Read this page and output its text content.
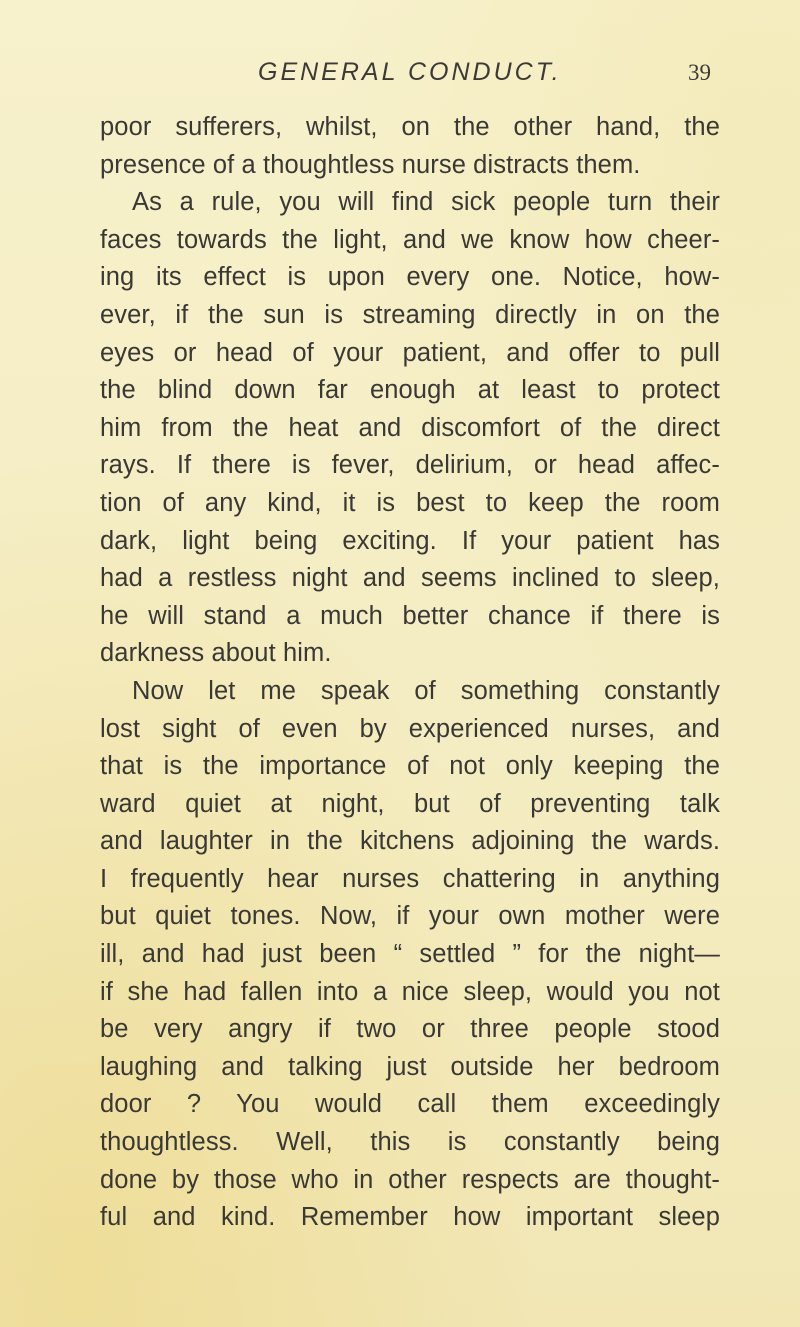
GENERAL CONDUCT.	39
poor sufferers, whilst, on the other hand, the
presence of a thoughtless nurse distracts them.
As a rule, you will find sick people turn their
faces towards the light, and we know how cheer-
ing its effect is upon every one. Notice, how-
ever, if the sun is streaming directly in on the
eyes or head of your patient, and offer to pull
the blind down far enough at least to protect
him from the heat and discomfort of the direct
rays. If there is fever, delirium, or head affec-
tion of any kind, it is best to keep the room
dark, light being exciting. If your patient has
had a restless night and seems inclined to sleep,
he will stand a much better chance if there is
darkness about him.
Now let me speak of something constantly
lost sight of even by experienced nurses, and
that is the importance of not only keeping the
ward quiet at night, but of preventing talk
and laughter in the kitchens adjoining the wards.
I frequently hear nurses chattering in anything
but quiet tones. Now, if your own mother were
ill, and had just been “ settled ” for the night—
if she had fallen into a nice sleep, would you not
be very angry if two or three people stood
laughing and talking just outside her bedroom
door ? You would call them exceedingly
thoughtless. Well, this is constantly being
done by those who in other respects are thought-
ful and kind. Remember how important sleep
